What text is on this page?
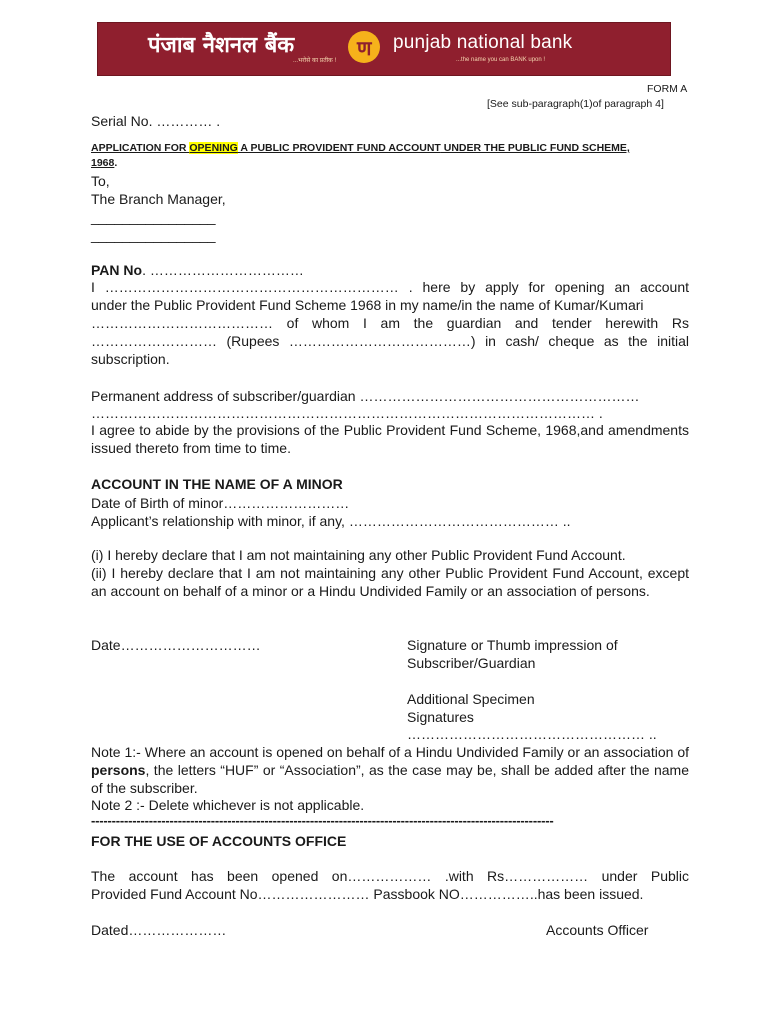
पंजाब नैशनल बैंक
...भरोसे का प्रतीक !
ण punjab national bank
...the name you can BANK upon !
FORM A
[See sub-paragraph(1)of paragraph 4]
Serial No. ………… .
APPLICATION FOR OPENING A PUBLIC PROVIDENT FUND ACCOUNT UNDER THE PUBLIC FUND SCHEME,
1968.
To,
The Branch Manager,
________________
________________
PAN No. ……………………………
I ……………………………………………………… . here by apply for opening an account
under the Public Provident Fund Scheme 1968 in my name/in the name of Kumar/Kumari
………………………………… of whom I am the guardian and tender herewith Rs
……………………… (Rupees …………………………………) in cash/ cheque as the initial
subscription.
Permanent address of subscriber/guardian ……………………………………………………
……………………………………………………………………………………………… .
I agree to abide by the provisions of the Public Provident Fund Scheme, 1968,and amendments issued thereto from time to time.
ACCOUNT IN THE NAME OF A MINOR
Date of Birth of minor………………………
Applicant’s relationship with minor, if any, ……………………………………… ..
(i) I hereby declare that I am not maintaining any other Public Provident Fund Account.
(ii) I hereby declare that I am not maintaining any other Public Provident Fund Account, except an account on behalf of a minor or a Hindu Undivided Family or an association of persons.
Date…………………………	Signature or Thumb impression of
Subscriber/Guardian
Additional Specimen
Signatures
…………………………………………… ..
Note 1:- Where an account is opened on behalf of a Hindu Undivided Family or an association of persons, the letters “HUF” or “Association”, as the case may be, shall be added after the name of the subscriber.
Note 2 :- Delete whichever is not applicable.
----------------------------------------------------------------------------------------------------------------
FOR THE USE OF ACCOUNTS OFFICE
The account has been opened on……………… .with Rs……………… under Public
Provided Fund Account No…………………… Passbook NO……………..has been issued.
Dated…………………	Accounts Officer
